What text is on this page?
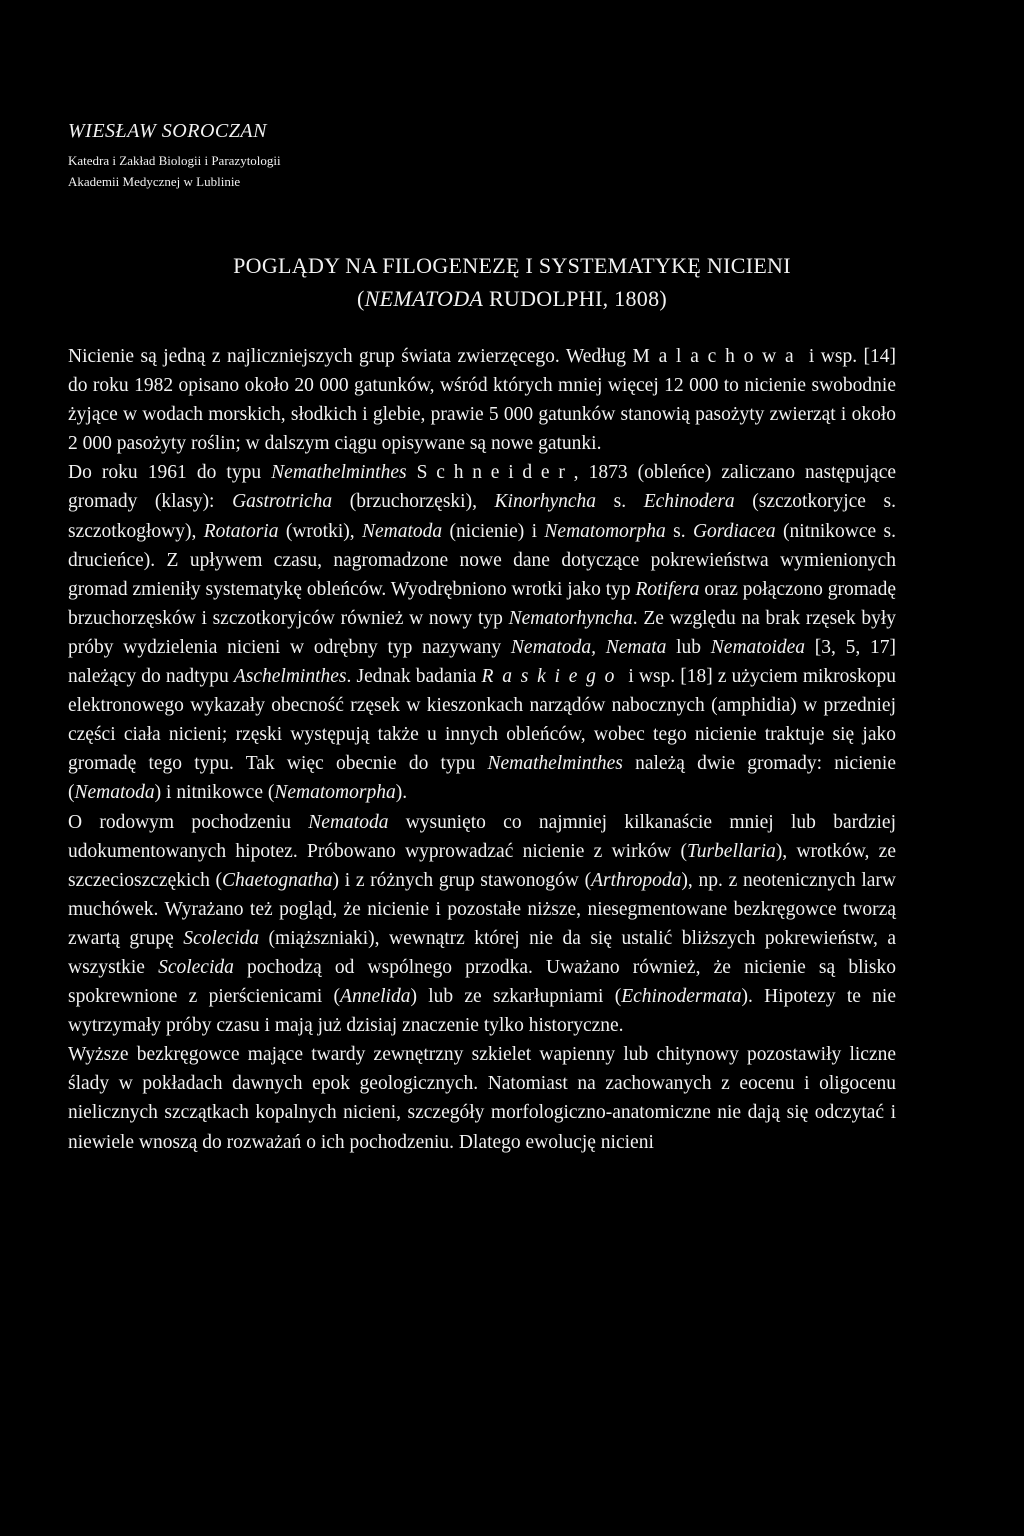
WIESŁAW SOROCZAN
Katedra i Zakład Biologii i Parazytologii
Akademii Medycznej w Lublinie
POGLĄDY NA FILOGENEZĘ I SYSTEMATYKĘ NICIENI
(NEMATODA RUDOLPHI, 1808)

Nicienie są jedną z najliczniejszych grup świata zwierzęcego. Według Malachowa i wsp. [14] do roku 1982 opisano około 20 000 gatunków, wśród których mniej więcej 12 000 to nicienie swobodnie żyjące w wodach morskich, słodkich i glebie, prawie 5 000 gatunków stanowią pasożyty zwierząt i około 2 000 pasożyty roślin; w dalszym ciągu opisywane są nowe gatunki.

Do roku 1961 do typu Nemathelminthes Schneider, 1873 (obleńce) zaliczano następujące gromady (klasy): Gastrotricha (brzuchorzęski), Kinorhyncha s. Echinodera (szczotkoryjce s. szczotkogłowy), Rotatoria (wrotki), Nematoda (nicienie) i Nematomorpha s. Gordiacea (nitnikowce s. drucieńce). Z upływem czasu, nagromadzone nowe dane dotyczące pokrewieństwa wymienionych gromad zmieniły systematykę obleńców. Wyodrębniono wrotki jako typ Rotifera oraz połączono gromadę brzuchorzęsków i szczotkoryjców również w nowy typ Nematorhyncha. Ze względu na brak rzęsek były próby wydzielenia nicieni w odrębny typ nazywany Nematoda, Nemata lub Nematoidea [3, 5, 17] należący do nadtypu Aschelminthes. Jednak badania Raskiego i wsp. [18] z użyciem mikroskopu elektronowego wykazały obecność rzęsek w kieszonkach narządów nabocznych (amphidia) w przedniej części ciała nicieni; rzęski występują także u innych obleńców, wobec tego nicienie traktuje się jako gromadę tego typu. Tak więc obecnie do typu Nemathelminthes należą dwie gromady: nicienie (Nematoda) i nitnikowce (Nematomorpha).

O rodowym pochodzeniu Nematoda wysunięto co najmniej kilkanaście mniej lub bardziej udokumentowanych hipotez. Próbowano wyprowadzać nicienie z wirków (Turbellaria), wrotków, ze szczecioszczękich (Chaetognatha) i z różnych grup stawonogów (Arthropoda), np. z neotenicznych larw muchówek. Wyrażano też pogląd, że nicienie i pozostałe niższe, niesegmentowane bezkręgowce tworzą zwartą grupę Scolecida (miąższniaki), wewnątrz której nie da się ustalić bliższych pokrewieństw, a wszystkie Scolecida pochodzą od wspólnego przodka. Uważano również, że nicienie są blisko spokrewnione z pierścienicami (Annelida) lub ze szkarłupniami (Echinodermata). Hipotezy te nie wytrzymały próby czasu i mają już dzisiaj znaczenie tylko historyczne.

Wyższe bezkręgowce mające twardy zewnętrzny szkielet wapienny lub chitynowy pozostawiły liczne ślady w pokładach dawnych epok geologicznych. Natomiast na zachowanych z eocenu i oligocenu nielicznych szczątkach kopalnych nicieni, szczegóły morfologiczno-anatomiczne nie dają się odczytać i niewiele wnoszą do rozważań o ich pochodzeniu. Dlatego ewolucję nicieni
